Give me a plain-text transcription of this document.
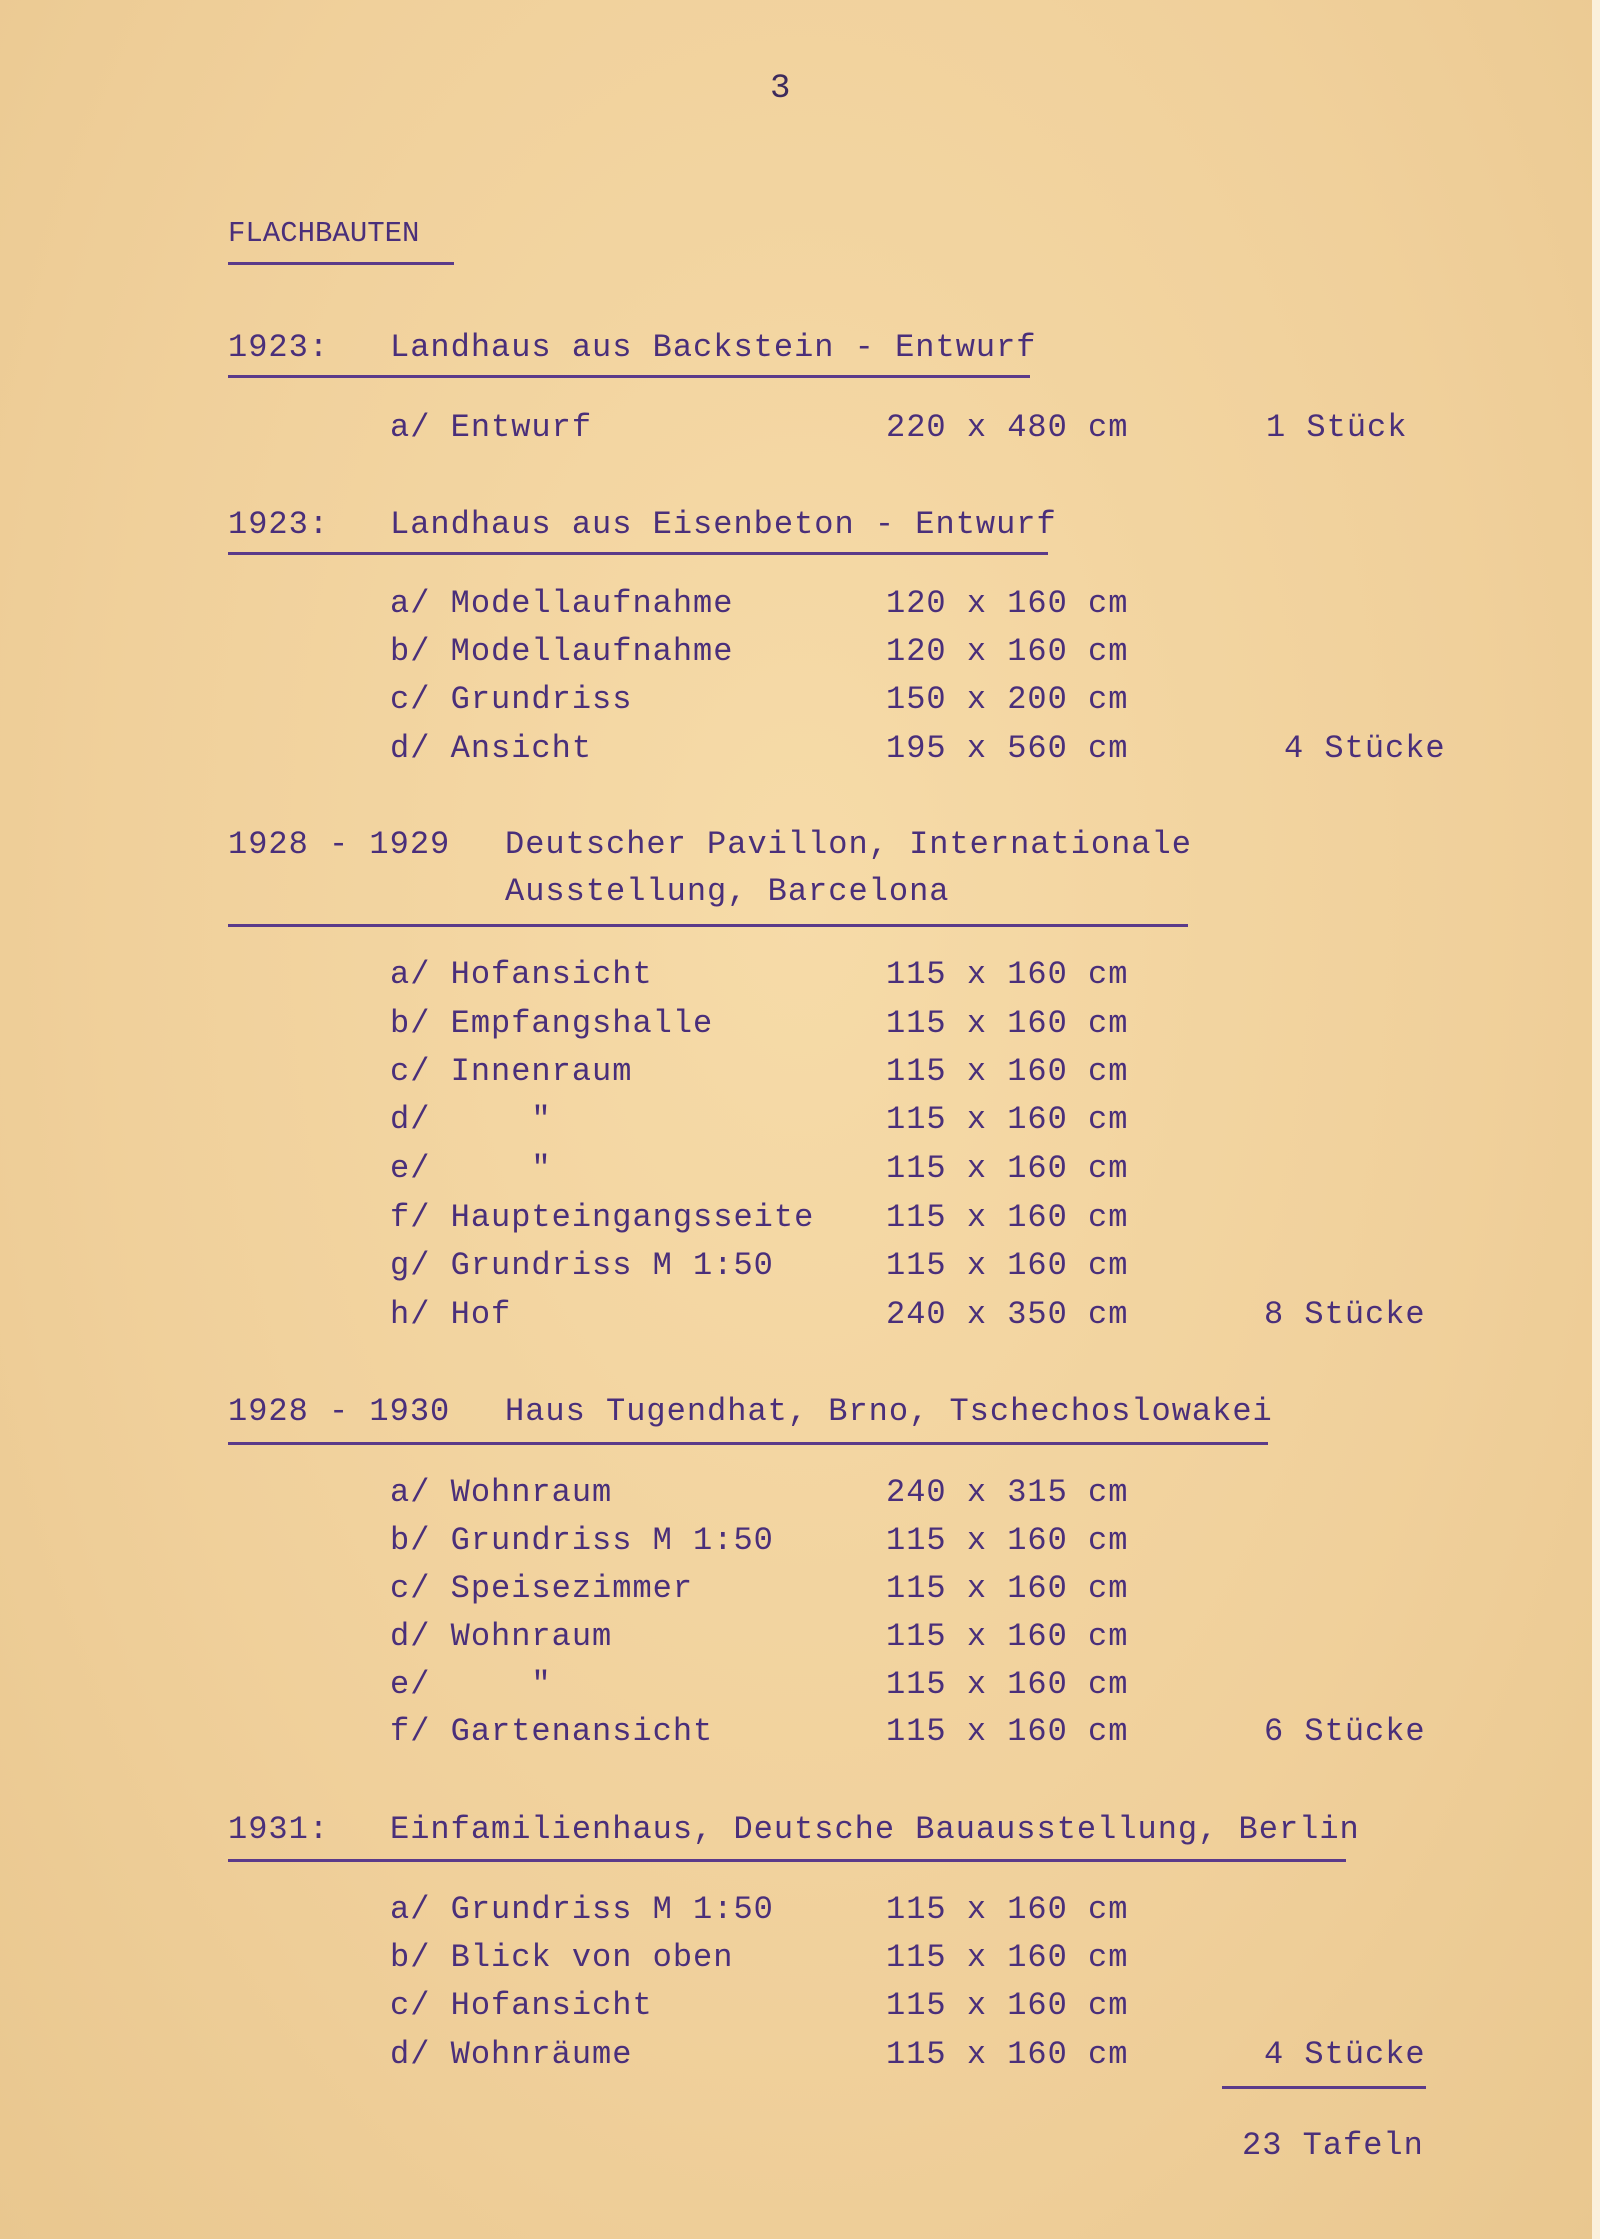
3
FLACHBAUTEN
1923: Landhaus aus Backstein - Entwurf
a/ Entwurf	220 x 480 cm	1 Stück
1923: Landhaus aus Eisenbeton - Entwurf
a/ Modellaufnahme	120 x 160 cm
b/ Modellaufnahme	120 x 160 cm
c/ Grundriss	150 x 200 cm
d/ Ansicht	195 x 560 cm	4 Stücke
1928 - 1929 Deutscher Pavillon, Internationale
Ausstellung, Barcelona
a/ Hofansicht	115 x 160 cm
b/ Empfangshalle	115 x 160 cm
c/ Innenraum	115 x 160 cm
d/     "	115 x 160 cm
e/     "	115 x 160 cm
f/ Haupteingangsseite 115 x 160 cm
g/ Grundriss M 1:50	115 x 160 cm
h/ Hof	240 x 350 cm	8 Stücke
1928 - 1930 Haus Tugendhat, Brno, Tschechoslowakei
a/ Wohnraum	240 x 315 cm
b/ Grundriss M 1:50	115 x 160 cm
c/ Speisezimmer	115 x 160 cm
d/ Wohnraum	115 x 160 cm
e/     "	115 x 160 cm
f/ Gartenansicht	115 x 160 cm	6 Stücke
1931: Einfamilienhaus, Deutsche Bauausstellung, Berlin
a/ Grundriss M 1:50	115 x 160 cm
b/ Blick von oben	115 x 160 cm
c/ Hofansicht	115 x 160 cm
d/ Wohnräume	115 x 160 cm	4 Stücke
23 Tafeln
